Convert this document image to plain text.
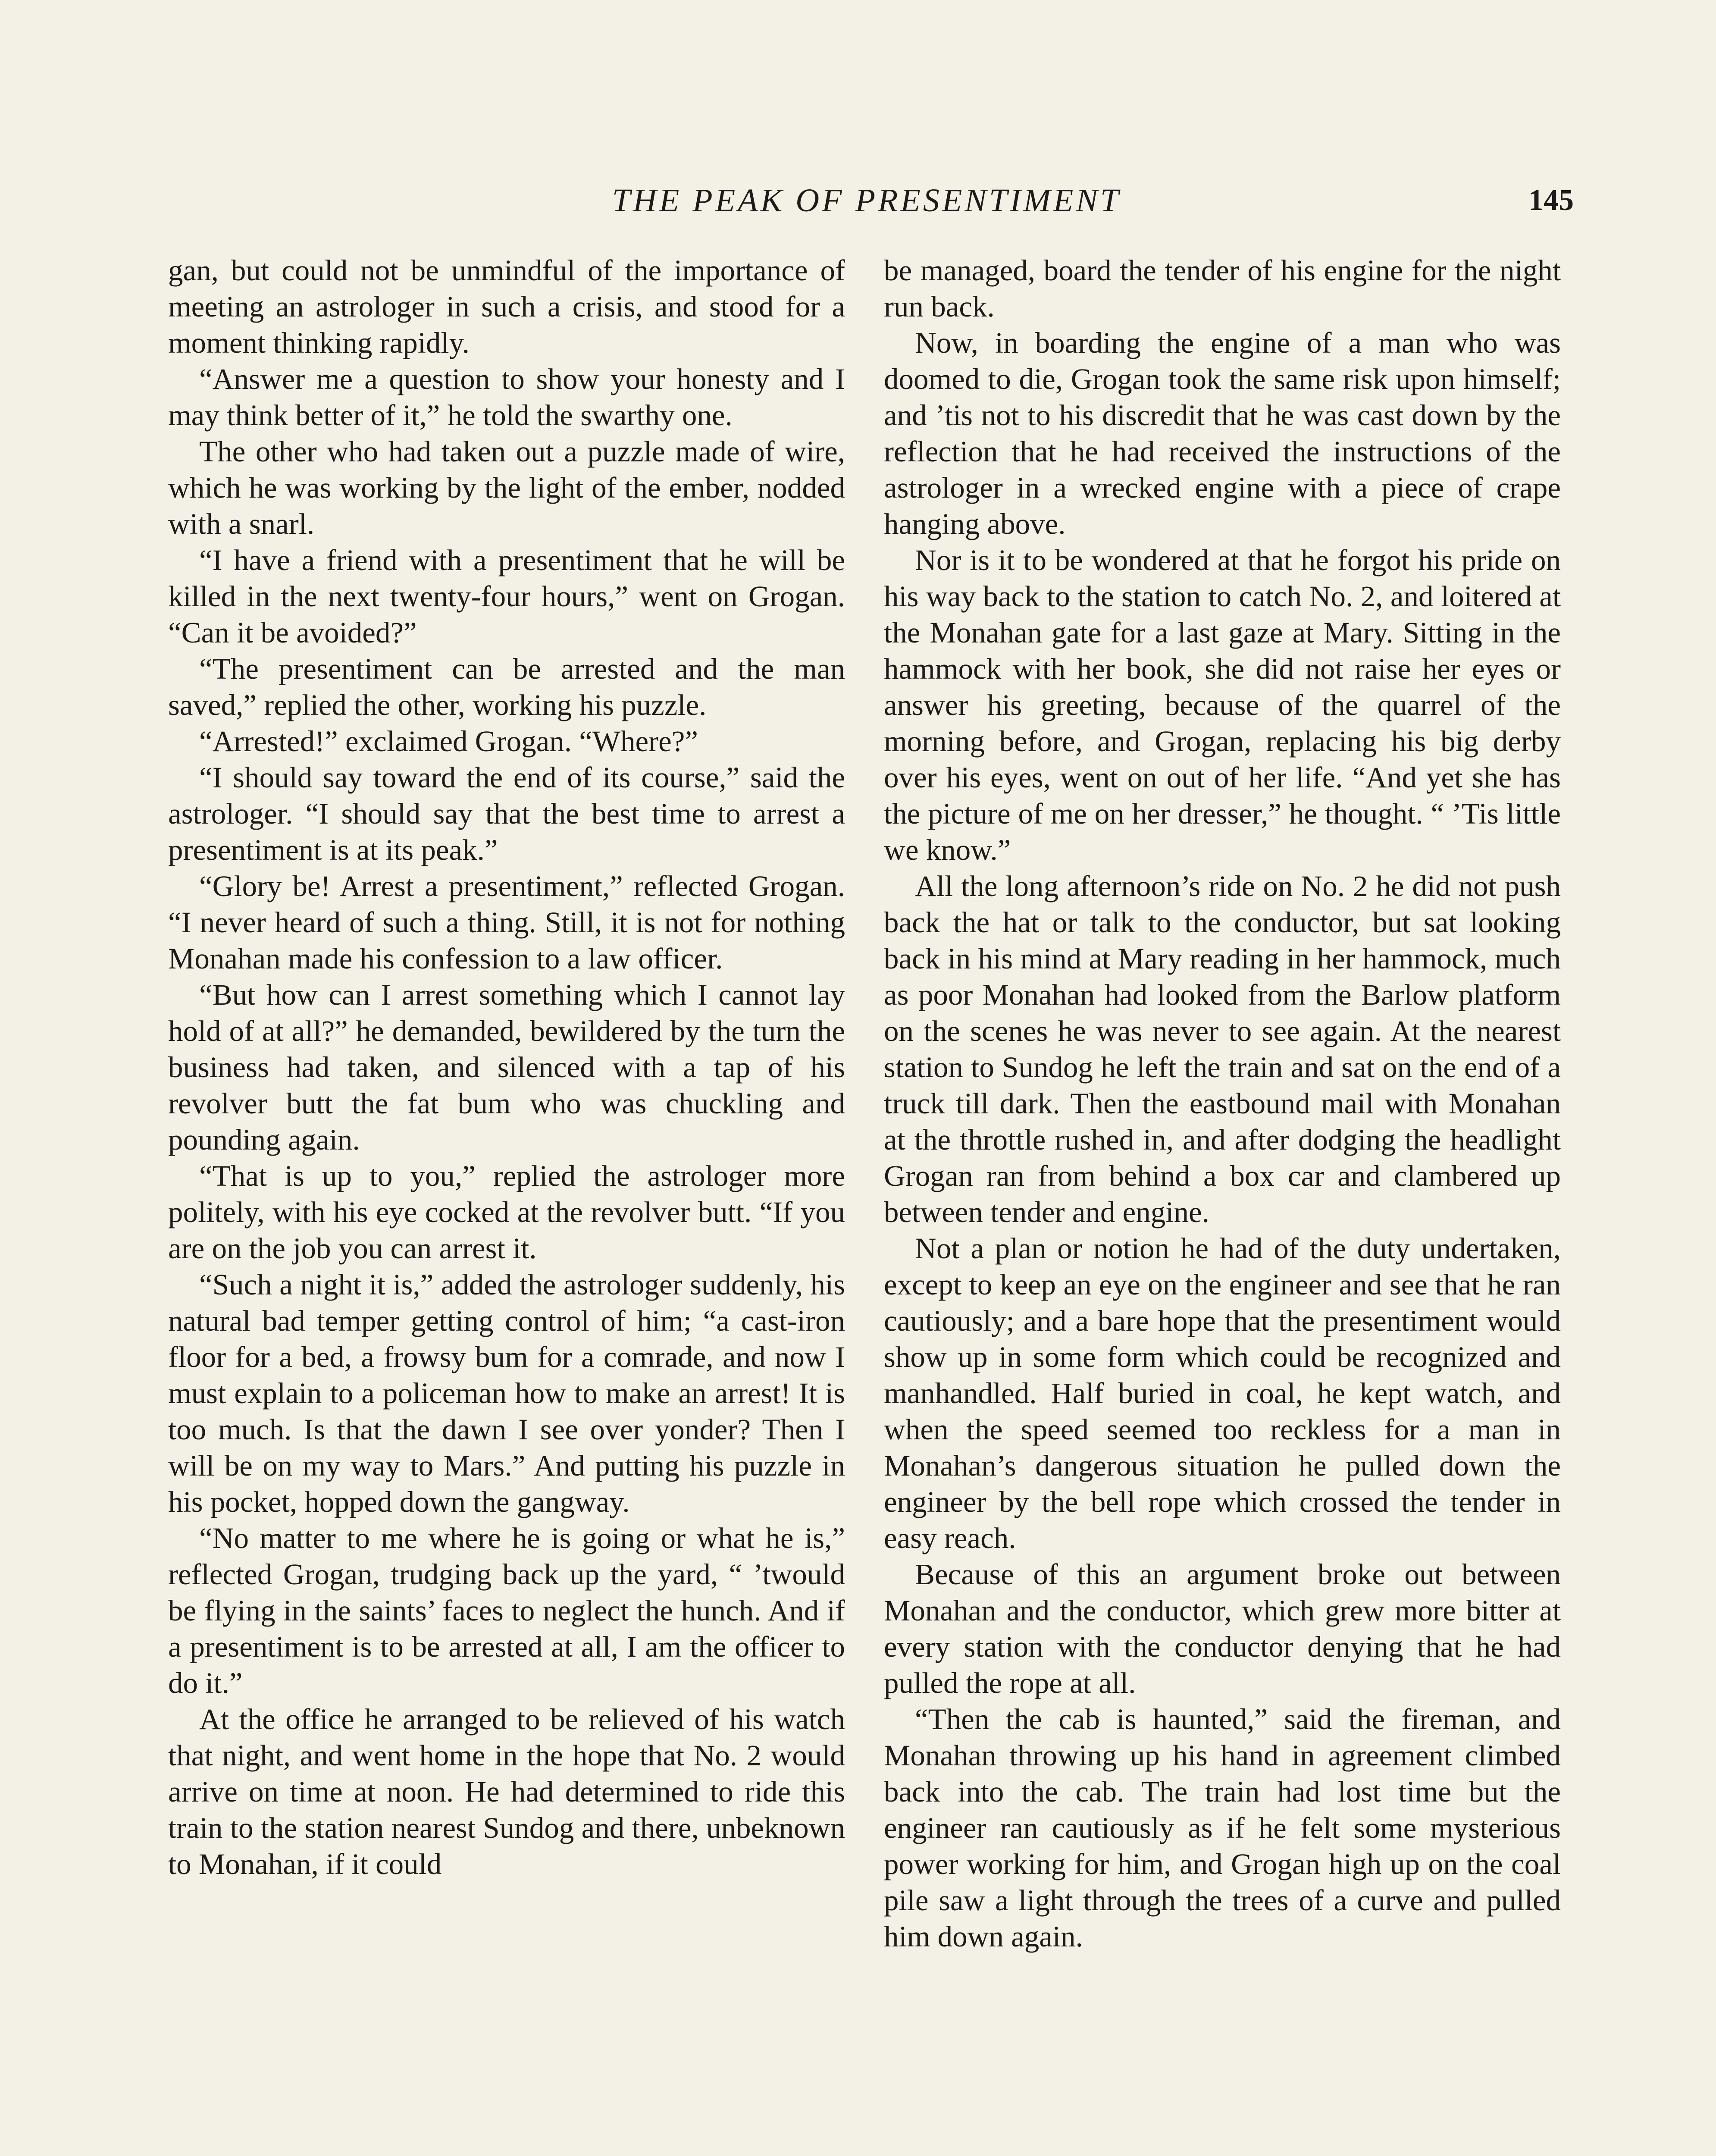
THE PEAK OF PRESENTIMENT	145

gan, but could not be unmindful of the importance of meeting an astrologer in such a crisis, and stood for a moment thinking rapidly.

“Answer me a question to show your honesty and I may think better of it,” he told the swarthy one.

The other who had taken out a puzzle made of wire, which he was working by the light of the ember, nodded with a snarl.

“I have a friend with a presentiment that he will be killed in the next twenty-four hours,” went on Grogan. “Can it be avoided?”

“The presentiment can be arrested and the man saved,” replied the other, working his puzzle.

“Arrested!” exclaimed Grogan. “Where?”

“I should say toward the end of its course,” said the astrologer. “I should say that the best time to arrest a presentiment is at its peak.”

“Glory be! Arrest a presentiment,” reflected Grogan. “I never heard of such a thing. Still, it is not for nothing Monahan made his confession to a law officer.

“But how can I arrest something which I cannot lay hold of at all?” he demanded, bewildered by the turn the business had taken, and silenced with a tap of his revolver butt the fat bum who was chuckling and pounding again.

“That is up to you,” replied the astrologer more politely, with his eye cocked at the revolver butt. “If you are on the job you can arrest it.

“Such a night it is,” added the astrologer suddenly, his natural bad temper getting control of him; “a cast-iron floor for a bed, a frowsy bum for a comrade, and now I must explain to a policeman how to make an arrest! It is too much. Is that the dawn I see over yonder? Then I will be on my way to Mars.” And putting his puzzle in his pocket, hopped down the gangway.

“No matter to me where he is going or what he is,” reflected Grogan, trudging back up the yard, “ ’twould be flying in the saints’ faces to neglect the hunch. And if a presentiment is to be arrested at all, I am the officer to do it.”

At the office he arranged to be relieved of his watch that night, and went home in the hope that No. 2 would arrive on time at noon. He had determined to ride this train to the station nearest Sundog and there, unbeknown to Monahan, if it could

be managed, board the tender of his engine for the night run back.

Now, in boarding the engine of a man who was doomed to die, Grogan took the same risk upon himself; and ’tis not to his discredit that he was cast down by the reflection that he had received the instructions of the astrologer in a wrecked engine with a piece of crape hanging above.

Nor is it to be wondered at that he forgot his pride on his way back to the station to catch No. 2, and loitered at the Monahan gate for a last gaze at Mary. Sitting in the hammock with her book, she did not raise her eyes or answer his greeting, because of the quarrel of the morning before, and Grogan, replacing his big derby over his eyes, went on out of her life. “And yet she has the picture of me on her dresser,” he thought. “ ’Tis little we know.”

All the long afternoon’s ride on No. 2 he did not push back the hat or talk to the conductor, but sat looking back in his mind at Mary reading in her hammock, much as poor Monahan had looked from the Barlow platform on the scenes he was never to see again. At the nearest station to Sundog he left the train and sat on the end of a truck till dark. Then the eastbound mail with Monahan at the throttle rushed in, and after dodging the headlight Grogan ran from behind a box car and clambered up between tender and engine.

Not a plan or notion he had of the duty undertaken, except to keep an eye on the engineer and see that he ran cautiously; and a bare hope that the presentiment would show up in some form which could be recognized and manhandled. Half buried in coal, he kept watch, and when the speed seemed too reckless for a man in Monahan’s dangerous situation he pulled down the engineer by the bell rope which crossed the tender in easy reach.

Because of this an argument broke out between Monahan and the conductor, which grew more bitter at every station with the conductor denying that he had pulled the rope at all.

“Then the cab is haunted,” said the fireman, and Monahan throwing up his hand in agreement climbed back into the cab. The train had lost time but the engineer ran cautiously as if he felt some mysterious power working for him, and Grogan high up on the coal pile saw a light through the trees of a curve and pulled him down again.
